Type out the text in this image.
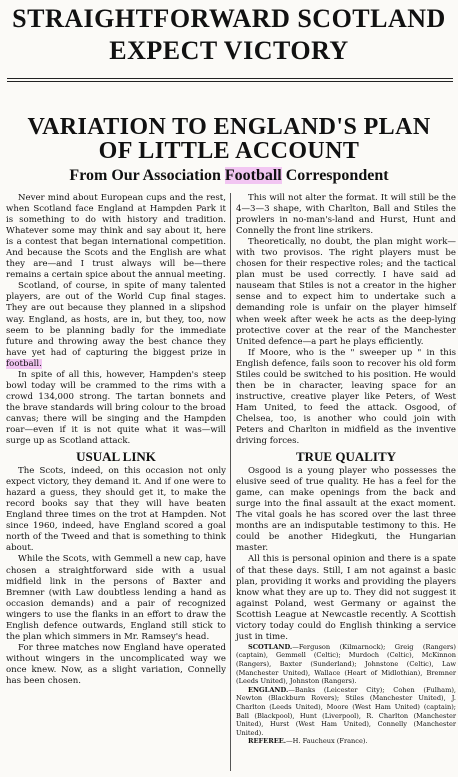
STRAIGHTFORWARD SCOTLAND
EXPECT VICTORY
VARIATION TO ENGLAND'S PLAN
OF LITTLE ACCOUNT
From Our Association Football Correspondent

Never mind about European cups and the rest, when Scotland face England at Hampden Park it is something to do with history and tradition. Whatever some may think and say about it, here is a contest that began international competition. And because the Scots and the English are what they are—and I trust always will be—there remains a certain spice about the annual meeting.

Scotland, of course, in spite of many talented players, are out of the World Cup final stages. They are out because they planned in a slipshod way. England, as hosts, are in, but they, too, now seem to be planning badly for the immediate future and throwing away the best chance they have yet had of capturing the biggest prize in football.

In spite of all this, however, Hampden's steep bowl today will be crammed to the rims with a crowd 134,000 strong. The tartan bonnets and the brave standards will bring colour to the broad canvas; there will be singing and the Hampden roar—even if it is not quite what it was—will surge up as Scotland attack.

USUAL LINK

The Scots, indeed, on this occasion not only expect victory, they demand it. And if one were to hazard a guess, they should get it, to make the record books say that they will have beaten England three times on the trot at Hampden. Not since 1960, indeed, have England scored a goal north of the Tweed and that is something to think about.

While the Scots, with Gemmell a new cap, have chosen a straightforward side with a usual midfield link in the persons of Baxter and Bremner (with Law doubtless lending a hand as occasion demands) and a pair of recognized wingers to use the flanks in an effort to draw the English defence outwards, England still stick to the plan which simmers in Mr. Ramsey's head.

For three matches now England have operated without wingers in the uncomplicated way we once knew. Now, as a slight variation, Connelly has been chosen.

This will not alter the format. It will still be the 4—3—3 shape, with Charlton, Ball and Stiles the prowlers in no-man's-land and Hurst, Hunt and Connelly the front line strikers.

Theoretically, no doubt, the plan might work—with two provisos. The right players must be chosen for their respective roles; and the tactical plan must be used correctly. I have said ad nauseam that Stiles is not a creator in the higher sense and to expect him to undertake such a demanding role is unfair on the player himself when week after week he acts as the deep-lying protective cover at the rear of the Manchester United defence—a part he plays efficiently.

If Moore, who is the " sweeper up " in this English defence, fails soon to recover his old form Stiles could be switched to his position. He would then be in character, leaving space for an instructive, creative player like Peters, of West Ham United, to feed the attack. Osgood, of Chelsea, too, is another who could join with Peters and Charlton in midfield as the inventive driving forces.

TRUE QUALITY

Osgood is a young player who possesses the elusive seed of true quality. He has a feel for the game, can make openings from the back and surge into the final assault at the exact moment. The vital goals he has scored over the last three months are an indisputable testimony to this. He could be another Hidegkuti, the Hungarian master.

All this is personal opinion and there is a spate of that these days. Still, I am not against a basic plan, providing it works and providing the players know what they are up to. They did not suggest it against Poland, west Germany or against the Scottish League at Newcastle recently. A Scottish victory today could do English thinking a service just in time.

SCOTLAND.—Ferguson (Kilmarnock); Greig (Rangers) (captain), Gemmell (Celtic); Murdoch (Celtic), McKinnon (Rangers), Baxter (Sunderland); Johnstone (Celtic), Law (Manchester United), Wallace (Heart of Midlothian), Bremner (Leeds United), Johnston (Rangers).

ENGLAND.—Banks (Leicester City); Cohen (Fulham), Newton (Blackburn Rovers); Stiles (Manchester United), J. Charlton (Leeds United), Moore (West Ham United) (captain); Ball (Blackpool), Hunt (Liverpool), R. Charlton (Manchester United), Hurst (West Ham United), Connelly (Manchester United).

REFEREE.—H. Faucheux (France).
